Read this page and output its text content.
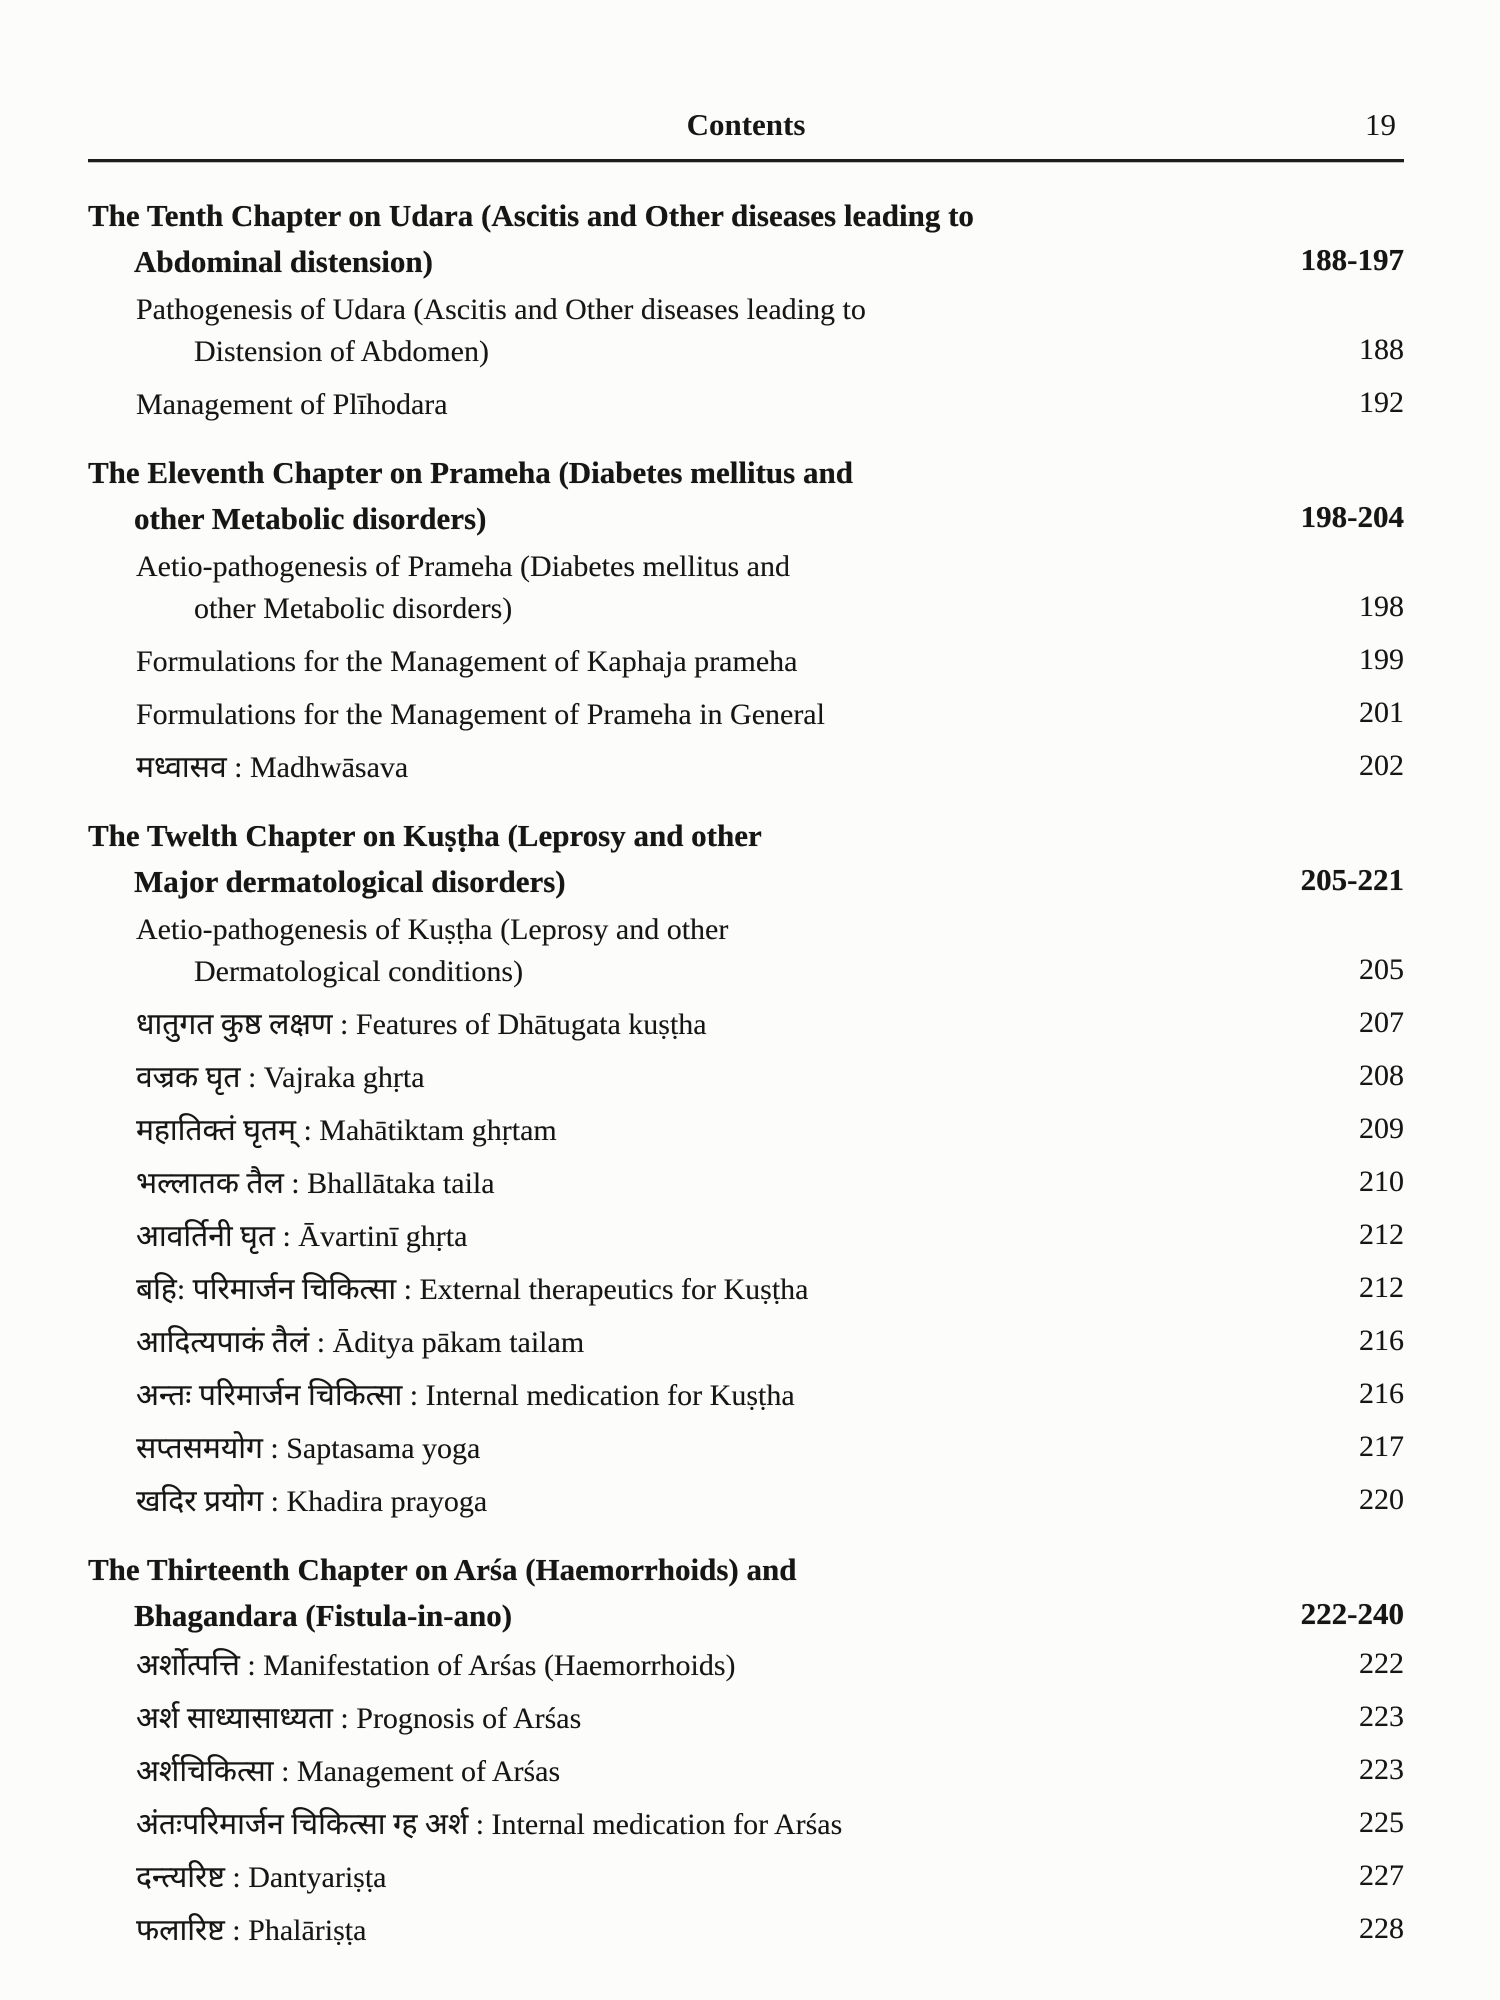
Contents	19
The Tenth Chapter on Udara (Ascitis and Other diseases leading to
Abdominal distension)	188-197
Pathogenesis of Udara (Ascitis and Other diseases leading to
Distension of Abdomen)	188
Management of Plīhodara	192
The Eleventh Chapter on Prameha (Diabetes mellitus and
other Metabolic disorders)	198-204
Aetio-pathogenesis of Prameha (Diabetes mellitus and
other Metabolic disorders)	198
Formulations for the Management of Kaphaja prameha	199
Formulations for the Management of Prameha in General	201
मध्वासव : Madhwāsava	202
The Twelth Chapter on Kuṣṭha (Leprosy and other
Major dermatological disorders)	205-221
Aetio-pathogenesis of Kuṣṭha (Leprosy and other
Dermatological conditions)	205
धातुगत कुष्ठ लक्षण : Features of Dhātugata kuṣṭha	207
वज्रक घृत : Vajraka ghṛta	208
महातिक्तं घृतम् : Mahātiktam ghṛtam	209
भल्लातक तैल : Bhallātaka taila	210
आवर्तिनी घृत : Āvartinī ghṛta	212
बहि: परिमार्जन चिकित्सा : External therapeutics for Kuṣṭha	212
आदित्यपाकं तैलं : Āditya pākam tailam	216
अन्तः परिमार्जन चिकित्सा : Internal medication for Kuṣṭha	216
सप्तसमयोग : Saptasama yoga	217
खदिर प्रयोग : Khadira prayoga	220
The Thirteenth Chapter on Arśa (Haemorrhoids) and
Bhagandara (Fistula-in-ano)	222-240
अर्शोत्पत्ति : Manifestation of Arśas (Haemorrhoids)	222
अर्श साध्यासाध्यता : Prognosis of Arśas	223
अर्शचिकित्सा : Management of Arśas	223
अंतःपरिमार्जन चिकित्सा ग्ह अर्श : Internal medication for Arśas	225
दन्त्यरिष्ट : Dantyariṣṭa	227
फलारिष्ट : Phalāriṣṭa	228
